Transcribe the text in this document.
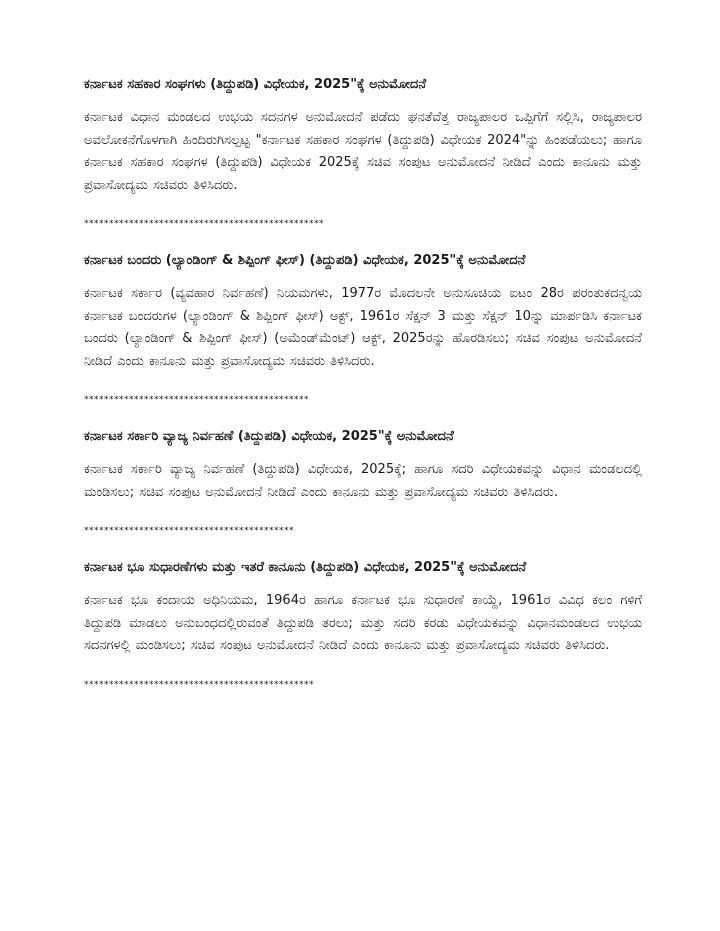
ಕರ್ನಾಟಕ ಸಹಕಾರ ಸಂಘಗಳು (ತಿದ್ದುಪಡಿ) ವಿಧೇಯಕ, 2025"ಕ್ಕೆ ಅನುಮೋದನೆ

ಕರ್ನಾಟಕ ವಿಧಾನ ಮಂಡಲದ ಉಭಯ ಸದನಗಳ ಅನುಮೋದನೆ ಪಡೆದು ಘನತೆವೆತ್ತ ರಾಜ್ಯಪಾಲರ ಒಪ್ಪಿಗೆಗೆ ಸಲ್ಲಿಸಿ, ರಾಜ್ಯಪಾಲರ ಅವಲೋಕನೆಗೊಳಗಾಗಿ ಹಿಂದಿರುಗಿಸಲ್ಪಟ್ಟ "ಕರ್ನಾಟಕ ಸಹಕಾರ ಸಂಘಗಳ (ತಿದ್ದುಪಡಿ) ವಿಧೇಯಕ 2024"ನ್ನು ಹಿಂಪಡೆಯಲು; ಹಾಗೂ ಕರ್ನಾಟಕ ಸಹಕಾರ ಸಂಘಗಳ (ತಿದ್ದುಪಡಿ) ವಿಧೇಯಕ 2025ಕ್ಕೆ ಸಚಿವ ಸಂಪುಟ ಅನುಮೋದನೆ ನೀಡಿದೆ ಎಂದು ಕಾನೂನು ಮತ್ತು ಪ್ರವಾಸೋದ್ಯಮ ಸಚಿವರು ತಿಳಿಸಿದರು.

************************************************

ಕರ್ನಾಟಕ ಬಂದರು (ಲ್ಯಾಂಡಿಂಗ್ & ಶಿಪ್ಪಿಂಗ್ ಫೀಸ್) (ತಿದ್ದುಪಡಿ) ವಿಧೇಯಕ, 2025"ಕ್ಕೆ ಅನುಮೋದನೆ

ಕರ್ನಾಟಕ ಸರ್ಕಾರ (ವ್ಯವಹಾರ ನಿರ್ವಹಣೆ) ನಿಯಮಗಳು, 1977ರ ಮೊದಲನೇ ಅನುಸೂಚಿಯ ಐಟಂ 28ರ ಪರಂತುಕದನ್ವಯ ಕರ್ನಾಟಕ ಬಂದರುಗಳ (ಲ್ಯಾಂಡಿಂಗ್ & ಶಿಪ್ಪಿಂಗ್ ಫೀಸ್) ಆಕ್ಟ್, 1961ರ ಸೆಕ್ಷನ್ 3 ಮತ್ತು ಸೆಕ್ಷನ್ 10ನ್ನು ಮಾರ್ಪಡಿಸಿ ಕರ್ನಾಟಕ ಬಂದರು (ಲ್ಯಾಂಡಿಂಗ್ & ಶಿಪ್ಪಿಂಗ್ ಫೀಸ್) (ಅಮೆಂಡ್‌ಮೆಂಟ್) ಆಕ್ಟ್, 2025ರನ್ನು ಹೊರಡಿಸಲು; ಸಚಿವ ಸಂಪುಟ ಅನುಮೋದನೆ ನೀಡಿದೆ ಎಂದು ಕಾನೂನು ಮತ್ತು ಪ್ರವಾಸೋದ್ಯಮ ಸಚಿವರು ತಿಳಿಸಿದರು.

*********************************************

ಕರ್ನಾಟಕ ಸರ್ಕಾರಿ ವ್ಯಾಜ್ಯ ನಿರ್ವಹಣೆ (ತಿದ್ದುಪಡಿ) ವಿಧೇಯಕ, 2025"ಕ್ಕೆ ಅನುಮೋದನೆ

ಕರ್ನಾಟಕ ಸರ್ಕಾರಿ ವ್ಯಾಜ್ಯ ನಿರ್ವಹಣೆ (ತಿದ್ದುಪಡಿ) ವಿಧೇಯಕ, 2025ಕ್ಕೆ; ಹಾಗೂ ಸದರಿ ವಿಧೇಯಕವನ್ನು ವಿಧಾನ ಮಂಡಲದಲ್ಲಿ ಮಂಡಿಸಲು; ಸಚಿವ ಸಂಪುಟ ಅನುಮೋದನೆ ನೀಡಿದೆ ಎಂದು ಕಾನೂನು ಮತ್ತು ಪ್ರವಾಸೋದ್ಯಮ ಸಚಿವರು ತಿಳಿಸಿದರು.

******************************************

ಕರ್ನಾಟಕ ಭೂ ಸುಧಾರಣೆಗಳು ಮತ್ತು ಇತರೆ ಕಾನೂನು (ತಿದ್ದುಪಡಿ) ವಿಧೇಯಕ, 2025"ಕ್ಕೆ ಅನುಮೋದನೆ

ಕರ್ನಾಟಕ ಭೂ ಕಂದಾಯ ಅಧಿನಿಯಮ, 1964ರ ಹಾಗೂ ಕರ್ನಾಟಕ ಭೂ ಸುಧಾರಣೆ ಕಾಯ್ದೆ, 1961ರ ವಿವಿಧ ಕಲಂ ಗಳಿಗೆ ತಿದ್ದುಪಡಿ ಮಾಡಲು ಅನುಬಂಧದಲ್ಲಿರುವಂತೆ ತಿದ್ದುಪಡಿ ತರಲು; ಮತ್ತು ಸದರಿ ಕರಡು ವಿಧೇಯಕವನ್ನು ವಿಧಾನಮಂಡಲದ ಉಭಯ ಸದನಗಳಲ್ಲಿ ಮಂಡಿಸಲು; ಸಚಿವ ಸಂಪುಟ ಅನುಮೋದನೆ ನೀಡಿದೆ ಎಂದು ಕಾನೂನು ಮತ್ತು ಪ್ರವಾಸೋದ್ಯಮ ಸಚಿವರು ತಿಳಿಸಿದರು.

**********************************************
